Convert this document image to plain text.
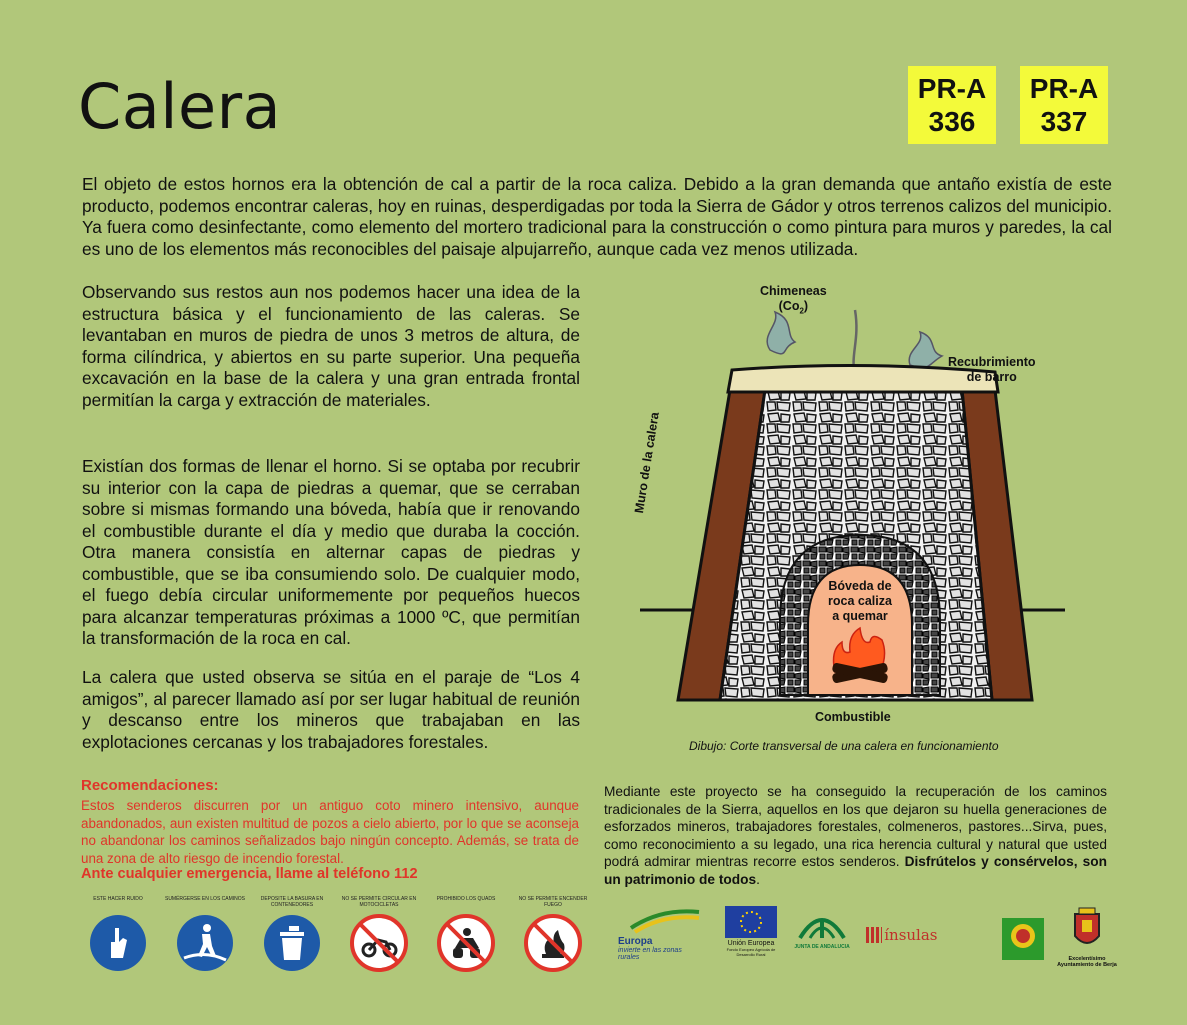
Calera	PR-A
336
PR-A
337
El objeto de estos hornos era la obtención de cal a partir de la roca caliza. Debido a la gran demanda que antaño existía de este producto, podemos encontrar caleras, hoy en ruinas, desperdigadas por toda la Sierra de Gádor y otros terrenos calizos del municipio. Ya fuera como desinfectante, como elemento del mortero tradicional para la construcción o como pintura para muros y paredes, la cal es uno de los elementos más reconocibles del paisaje alpujarreño, aunque cada vez menos utilizada.
Observando sus restos aun nos podemos hacer una idea de la estructura básica y el funcionamiento de las caleras. Se levantaban en muros de piedra de unos 3 metros de altura, de forma cilíndrica, y abiertos en su parte superior. Una pequeña excavación en la base de la calera y una gran entrada frontal permitían la carga y extracción de materiales.
Existían dos formas de llenar el horno. Si se optaba por recubrir su interior con la capa de piedras a quemar, que se cerraban sobre si mismas formando una bóveda, había que ir renovando el combustible durante el día y medio que duraba la cocción. Otra manera consistía en alternar capas de piedras y combustible, que se iba consumiendo solo. De cualquier modo, el fuego debía circular uniformemente por pequeños huecos para alcanzar temperaturas próximas a 1000 ºC, que permitían la transformación de la roca en cal.
La calera que usted observa se sitúa en el paraje de “Los 4 amigos”, al parecer llamado así por ser lugar habitual de reunión y descanso entre los mineros que trabajaban en las explotaciones cercanas y los trabajadores forestales.
Chimeneas
$(Co_2)$
Recubrimiento
de barro
Muro de la calera
Bóveda de
roca caliza
a quemar
Combustible
Dibujo: Corte transversal de una calera en funcionamiento
Recomendaciones:
Estos senderos discurren por un antiguo coto minero intensivo, aunque abandonados, aun existen multitud de pozos a cielo abierto, por lo que se aconseja no abandonar los caminos señalizados bajo ningún concepto. Además, se trata de una zona de alto riesgo de incendio forestal.
Ante cualquier emergencia, llame al teléfono 112
Mediante este proyecto se ha conseguido la recuperación de los caminos tradicionales de la Sierra, aquellos en los que dejaron su huella generaciones de esforzados mineros, trabajadores forestales, colmeneros, pastores...Sirva, pues, como reconocimiento a su legado, una rica herencia cultural y natural que usted podrá admirar mientras recorre estos senderos. Disfrútelos y consérvelos, son un patrimonio de todos.
ESTE HACER RUIDO	SUMÉRGERSE EN LOS CAMINOS	DEPOSITE LA BASURA EN CONTENEDORES
NO SE PERMITE CIRCULAR EN MOTOCICLETAS
PROHIBIDO LOS QUADS	NO SE PERMITE ENCENDER FUEGO
Europa
invierte en las zonas rurales
Unión Europea
Fondo Europeo Agrícola de Desarrollo Rural
JUNTA DE ANDALUCIA
ínsulas
Excelentísimo
Ayuntamiento de Berja
